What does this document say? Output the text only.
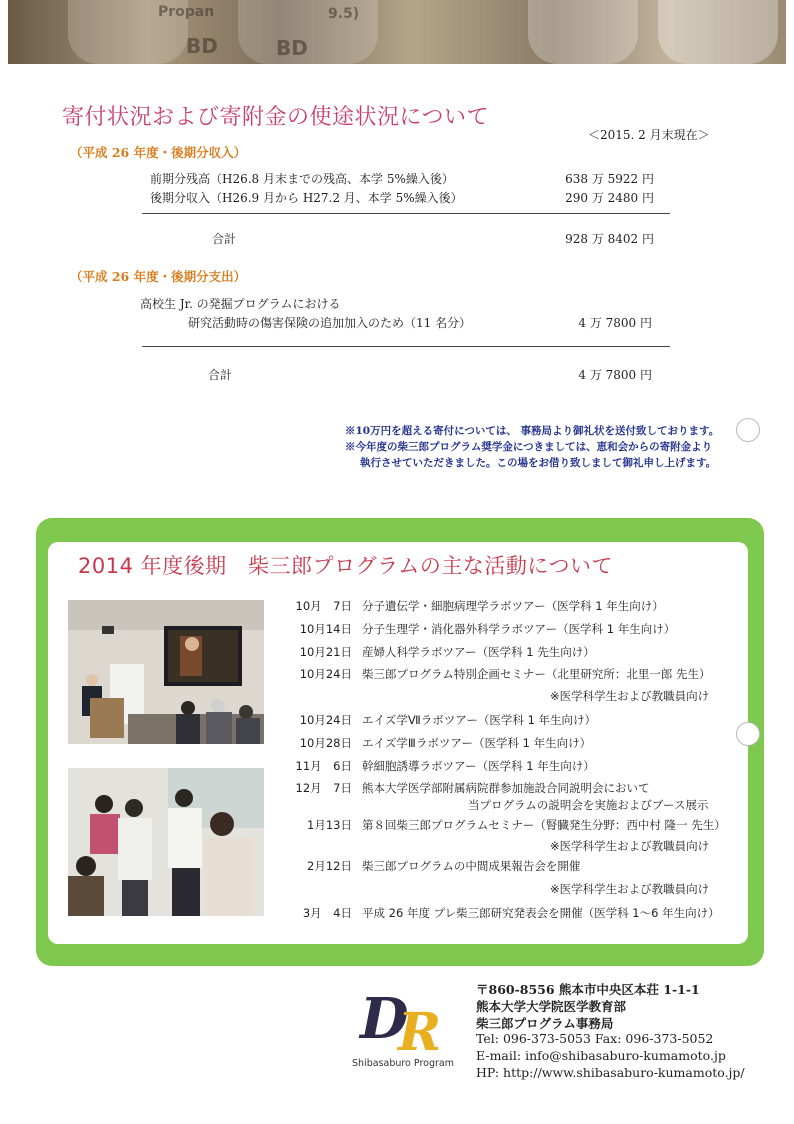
Propan	9.5)
BD	BD
寄付状況および寄附金の使途状況について
＜2015. 2 月末現在＞
（平成 26 年度・後期分収入）
前期分残高（H26.8 月末までの残高、本学 5%繰入後）	638 万 5922 円
後期分収入（H26.9 月から H27.2 月、本学 5%繰入後）	290 万 2480 円
合計	928 万 8402 円
（平成 26 年度・後期分支出）
高校生 Jr. の発掘プログラムにおける
研究活動時の傷害保険の追加加入のため（11 名分）	4 万 7800 円
合計	4 万 7800 円
※10万円を超える寄付については、 事務局より御礼状を送付致しております。
※今年度の柴三郎プログラム奨学金につきましては、恵和会からの寄附金より
執行させていただきました。この場をお借り致しまして御礼申し上げます。
2014 年度後期　柴三郎プログラムの主な活動について
10月　7日 分子遺伝学・細胞病理学ラボツアー（医学科 1 年生向け）
10月14日 分子生理学・消化器外科学ラボツアー（医学科 1 年生向け）
10月21日 産婦人科学ラボツアー（医学科 1 先生向け）
10月24日 柴三郎プログラム特別企画セミナー（北里研究所：北里一郎 先生）
※医学科学生および教職員向け
10月24日 エイズ学Ⅶラボツアー（医学科 1 年生向け）
10月28日 エイズ学Ⅲラボツアー（医学科 1 年生向け）
11月　6日 幹細胞誘導ラボツアー（医学科 1 年生向け）
12月　7日 熊本大学医学部附属病院群参加施設合同説明会において
当プログラムの説明会を実施およびブース展示
1月13日 第８回柴三郎プログラムセミナー（腎臓発生分野：西中村 隆一 先生）
※医学科学生および教職員向け
2月12日 柴三郎プログラムの中間成果報告会を開催
※医学科学生および教職員向け
3月　4日 平成 26 年度 プレ柴三郎研究発表会を開催（医学科 1～6 年生向け）
D
R
Shibasaburo Program
〒860-8556 熊本市中央区本荘 1-1-1
熊本大学大学院医学教育部
柴三郎プログラム事務局
Tel: 096-373-5053 Fax: 096-373-5052
E-mail: info@shibasaburo-kumamoto.jp
HP: http://www.shibasaburo-kumamoto.jp/
